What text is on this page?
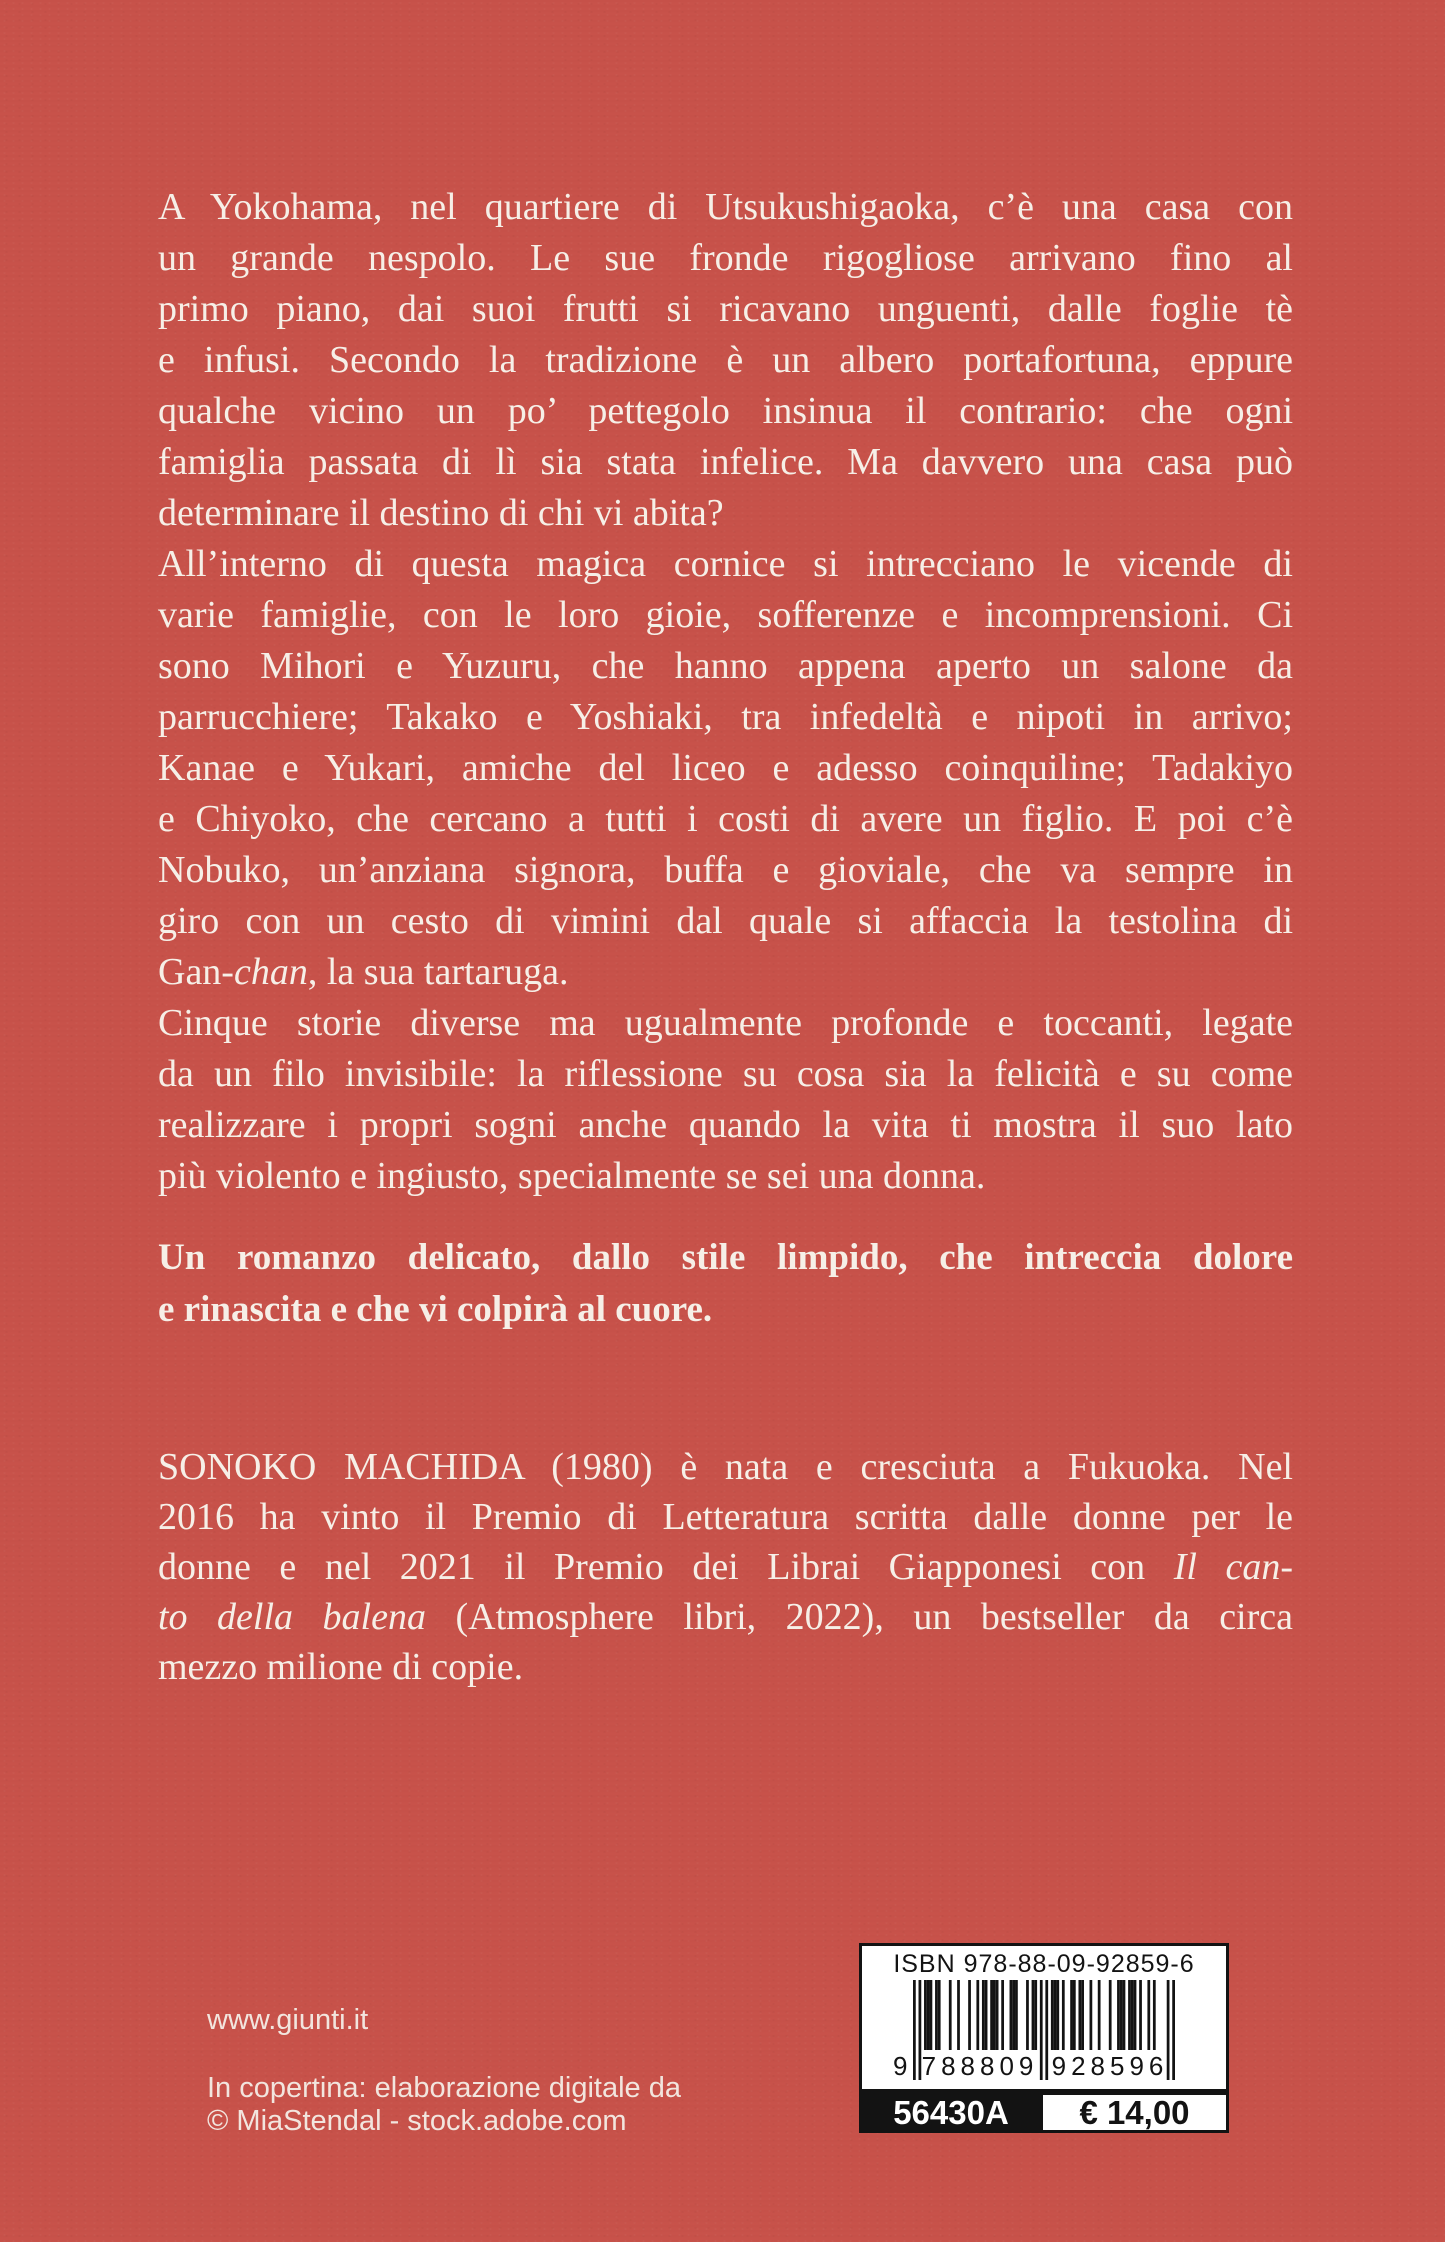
A Yokohama, nel quartiere di Utsukushigaoka, c’è una casa con
un grande nespolo. Le sue fronde rigogliose arrivano fino al
primo piano, dai suoi frutti si ricavano unguenti, dalle foglie tè
e infusi. Secondo la tradizione è un albero portafortuna, eppure
qualche vicino un po’ pettegolo insinua il contrario: che ogni
famiglia passata di lì sia stata infelice. Ma davvero una casa può
determinare il destino di chi vi abita?
All’interno di questa magica cornice si intrecciano le vicende di
varie famiglie, con le loro gioie, sofferenze e incomprensioni. Ci
sono Mihori e Yuzuru, che hanno appena aperto un salone da
parrucchiere; Takako e Yoshiaki, tra infedeltà e nipoti in arrivo;
Kanae e Yukari, amiche del liceo e adesso coinquiline; Tadakiyo
e Chiyoko, che cercano a tutti i costi di avere un figlio. E poi c’è
Nobuko, un’anziana signora, buffa e gioviale, che va sempre in
giro con un cesto di vimini dal quale si affaccia la testolina di
Gan-chan, la sua tartaruga.
Cinque storie diverse ma ugualmente profonde e toccanti, legate
da un filo invisibile: la riflessione su cosa sia la felicità e su come
realizzare i propri sogni anche quando la vita ti mostra il suo lato
più violento e ingiusto, specialmente se sei una donna.
Un romanzo delicato, dallo stile limpido, che intreccia dolore
e rinascita e che vi colpirà al cuore.
SONOKO MACHIDA (1980) è nata e cresciuta a Fukuoka. Nel
2016 ha vinto il Premio di Letteratura scritta dalle donne per le
donne e nel 2021 il Premio dei Librai Giapponesi con Il can-
to della balena (Atmosphere libri, 2022), un bestseller da circa
mezzo milione di copie.
www.giunti.it
In copertina: elaborazione digitale da
© MiaStendal - stock.adobe.com
ISBN 978-88-09-92859-6
9 788809 928596
56430A	€ 14,00
